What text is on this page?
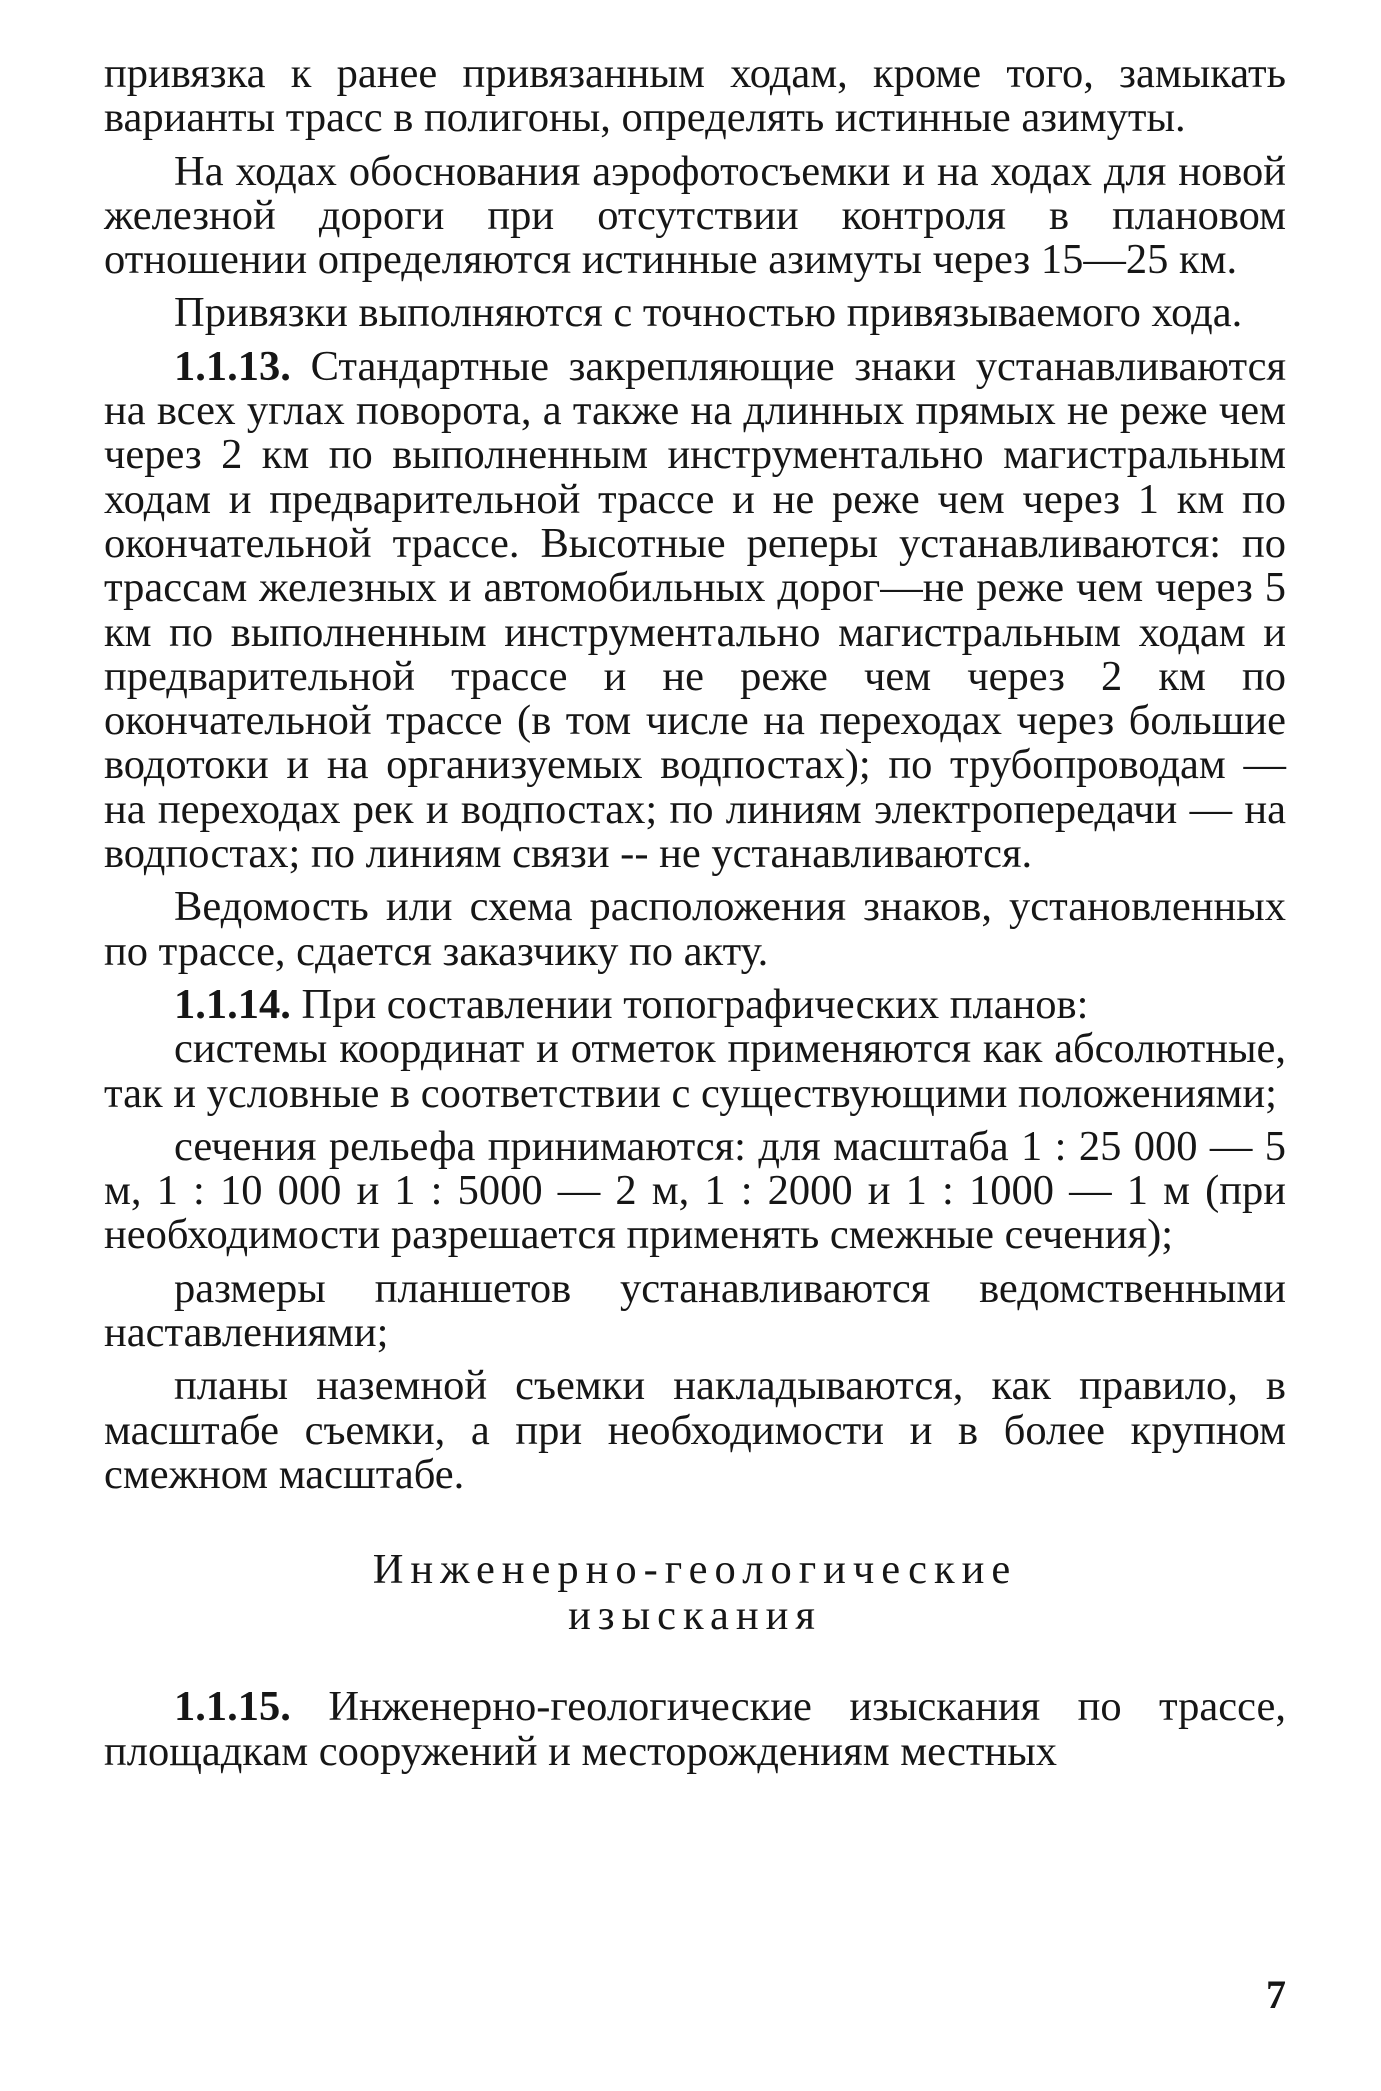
привязка к ранее привязанным ходам, кроме того, замыкать варианты трасс в полигоны, определять истинные азимуты.

На ходах обоснования аэрофотосъемки и на ходах для новой железной дороги при отсутствии контроля в плановом отношении определяются истинные азимуты через 15—25 км.

Привязки выполняются с точностью привязываемого хода.

1.1.13. Стандартные закрепляющие знаки устанавливаются на всех углах поворота, а также на длинных прямых не реже чем через 2 км по выполненным инструментально магистральным ходам и предварительной трассе и не реже чем через 1 км по окончательной трассе. Высотные реперы устанавливаются: по трассам железных и автомобильных дорог—не реже чем через 5 км по выполненным инструментально магистральным ходам и предварительной трассе и не реже чем через 2 км по окончательной трассе (в том числе на переходах через большие водотоки и на организуемых водпостах); по трубопроводам — на переходах рек и водпостах; по линиям электропередачи — на водпостах; по линиям связи -- не устанавливаются.

Ведомость или схема расположения знаков, установленных по трассе, сдается заказчику по акту.

1.1.14. При составлении топографических планов:

системы координат и отметок применяются как абсолютные, так и условные в соответствии с существующими положениями;

сечения рельефа принимаются: для масштаба 1 : 25 000 — 5 м, 1 : 10 000 и 1 : 5000 — 2 м, 1 : 2000 и 1 : 1000 — 1 м (при необходимости разрешается применять смежные сечения);

размеры планшетов устанавливаются ведомственными наставлениями;

планы наземной съемки накладываются, как правило, в масштабе съемки, а при необходимости и в более крупном смежном масштабе.

Инженерно-геологические
изыскания

1.1.15. Инженерно-геологические изыскания по трассе, площадкам сооружений и месторождениям местных

7
